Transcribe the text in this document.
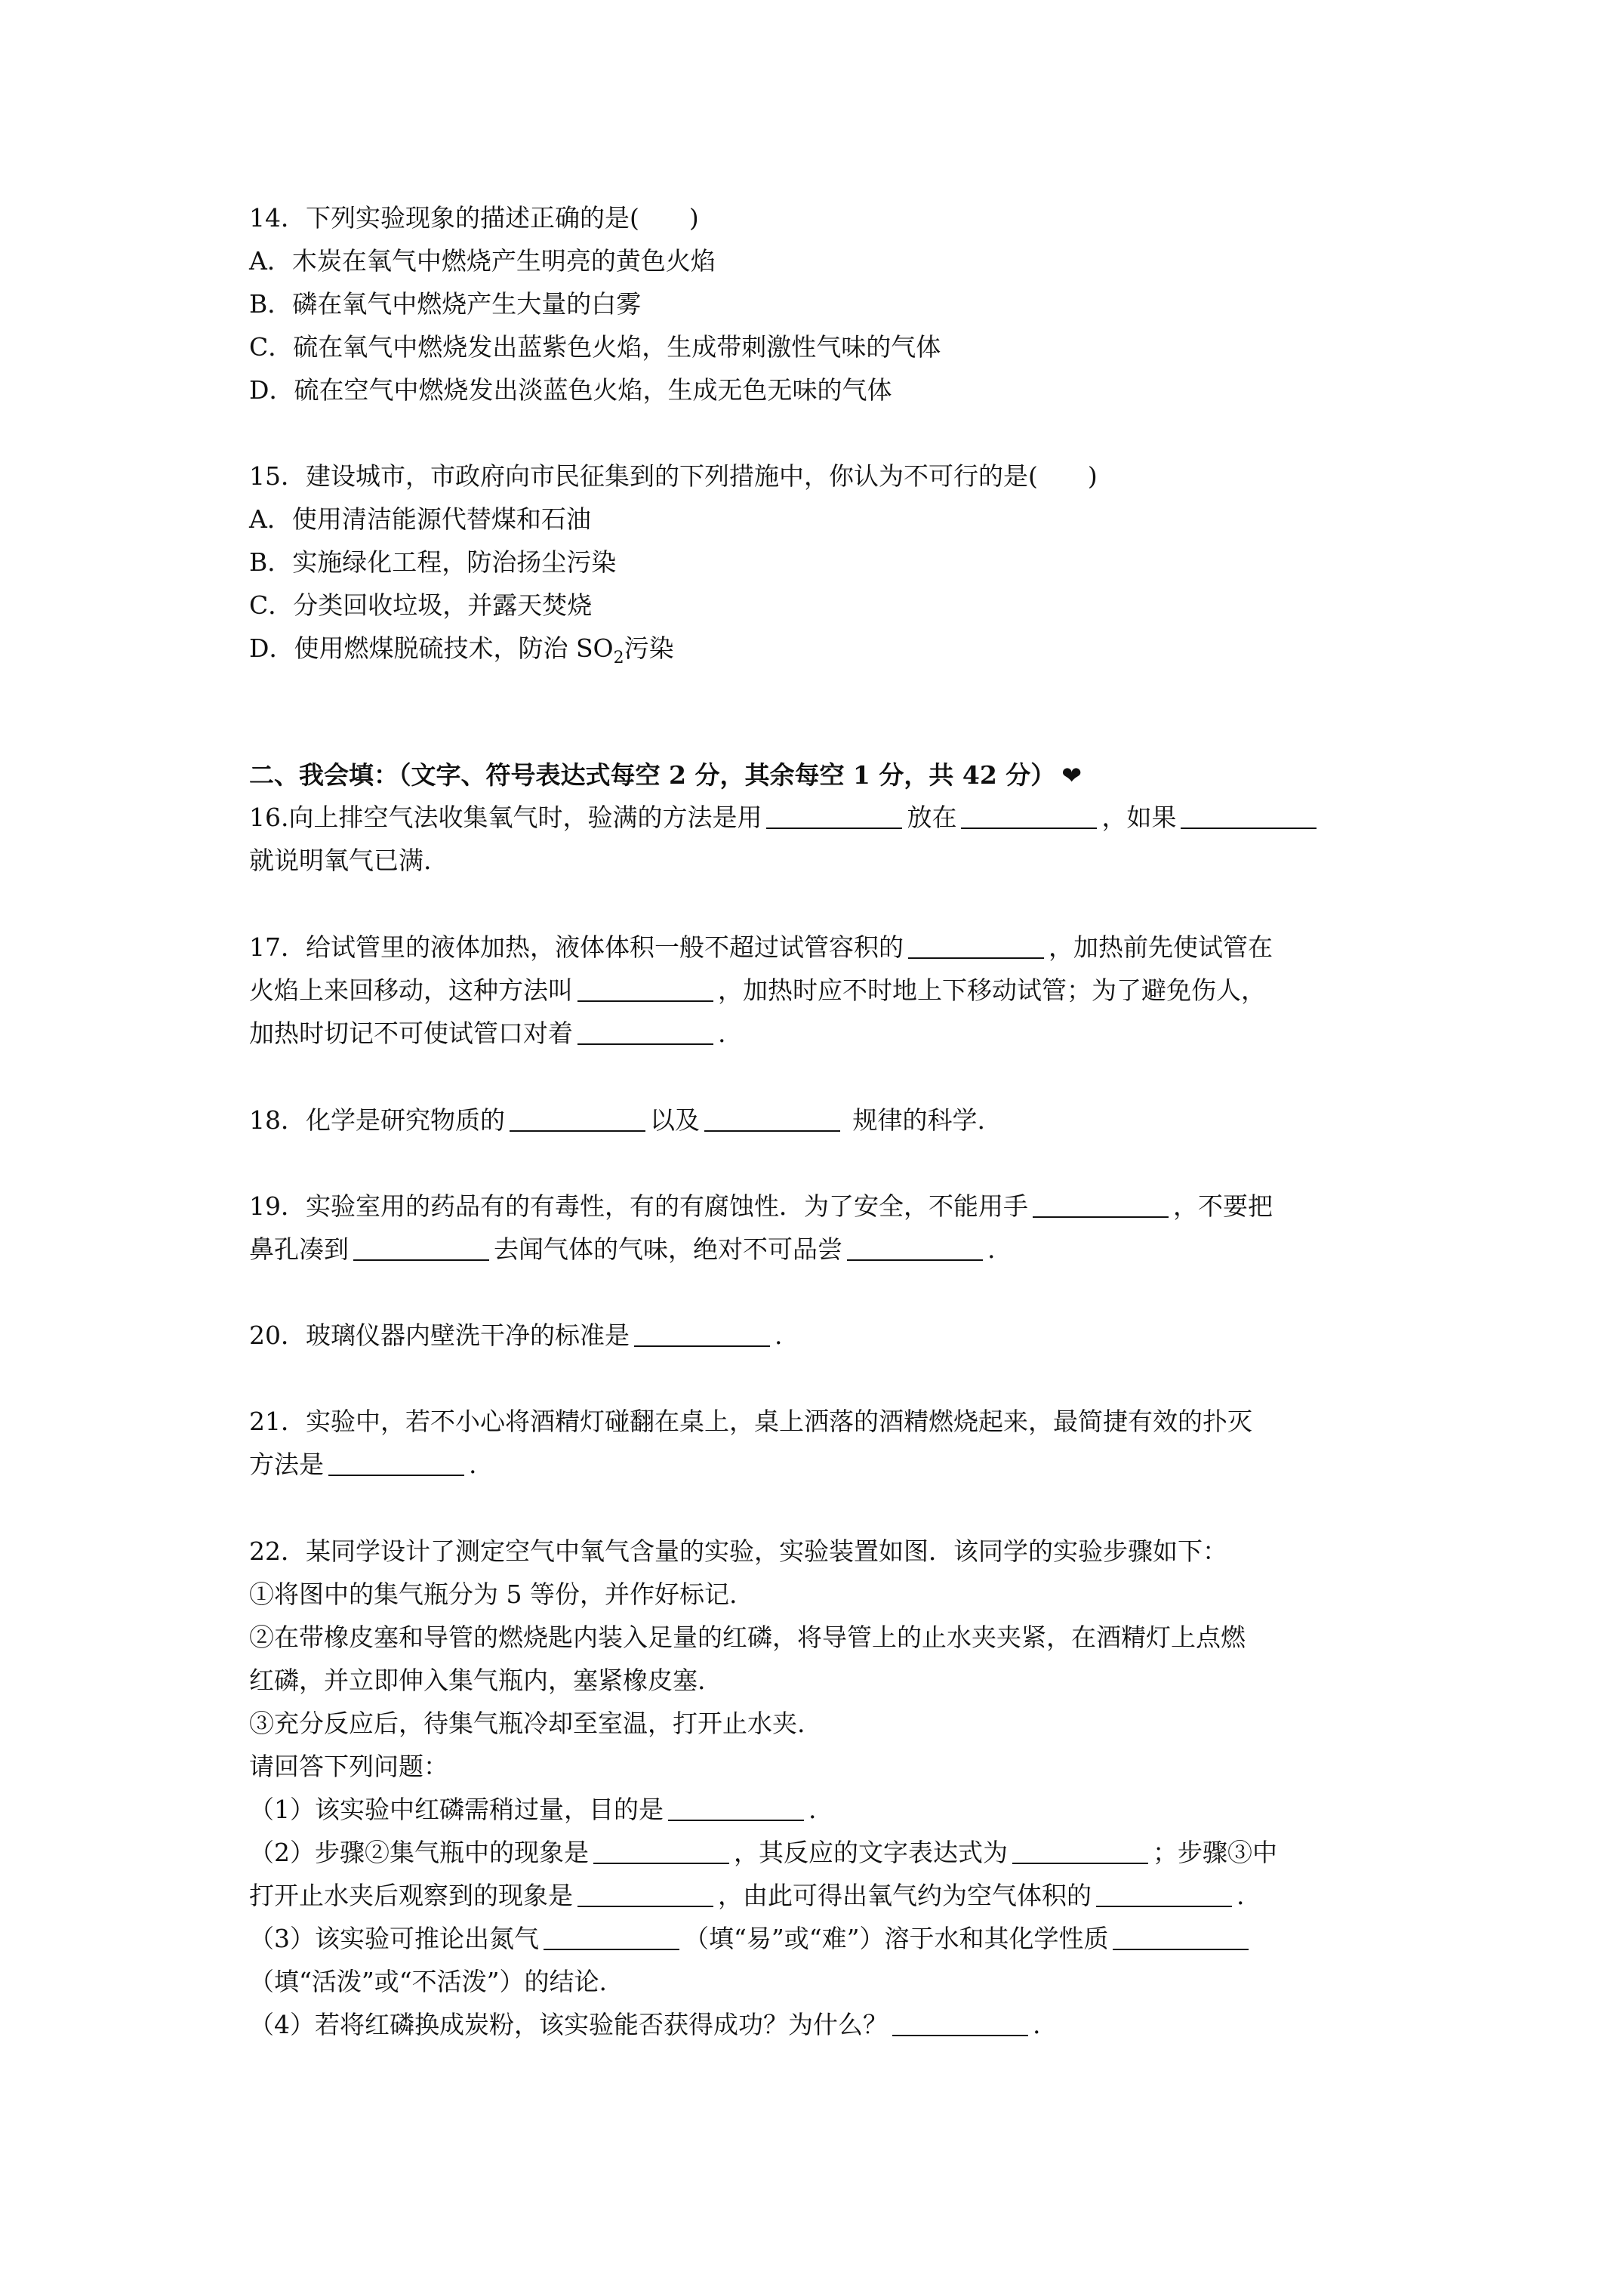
14．下列实验现象的描述正确的是(　　)
A．木炭在氧气中燃烧产生明亮的黄色火焰
B．磷在氧气中燃烧产生大量的白雾
C．硫在氧气中燃烧发出蓝紫色火焰，生成带刺激性气味的气体
D．硫在空气中燃烧发出淡蓝色火焰，生成无色无味的气体
15．建设城市，市政府向市民征集到的下列措施中，你认为不可行的是(　　)
A．使用清洁能源代替煤和石油
B．实施绿化工程，防治扬尘污染
C．分类回收垃圾，并露天焚烧
D．使用燃煤脱硫技术，防治 $SO_2$污染
二、我会填：（文字、符号表达式每空 2 分，其余每空 1 分，共 42 分） ❤
16.向上排空气法收集氧气时，验满的方法是用	放在	，如果
就说明氧气已满.
17．给试管里的液体加热，液体体积一般不超过试管容积的	，加热前先使试管在
火焰上来回移动，这种方法叫	，加热时应不时地上下移动试管；为了避免伤人，
加热时切记不可使试管口对着	.
18．化学是研究物质的	以及	规律的科学.
19．实验室用的药品有的有毒性，有的有腐蚀性．为了安全，不能用手	，不要把
鼻孔凑到	去闻气体的气味，绝对不可品尝	.
20．玻璃仪器内壁洗干净的标准是	.
21．实验中，若不小心将酒精灯碰翻在桌上，桌上洒落的酒精燃烧起来，最简捷有效的扑灭
方法是	.
22．某同学设计了测定空气中氧气含量的实验，实验装置如图．该同学的实验步骤如下：
①将图中的集气瓶分为 5 等份，并作好标记.
②在带橡皮塞和导管的燃烧匙内装入足量的红磷，将导管上的止水夹夹紧，在酒精灯上点燃
红磷，并立即伸入集气瓶内，塞紧橡皮塞.
③充分反应后，待集气瓶冷却至室温，打开止水夹.
请回答下列问题：
（1）该实验中红磷需稍过量，目的是	.
（2）步骤②集气瓶中的现象是	，其反应的文字表达式为	；步骤③中
打开止水夹后观察到的现象是	，由此可得出氧气约为空气体积的	.
（3）该实验可推论出氮气	（填“易”或“难”）溶于水和其化学性质
（填“活泼”或“不活泼”）的结论.
（4）若将红磷换成炭粉，该实验能否获得成功？为什么？	.
